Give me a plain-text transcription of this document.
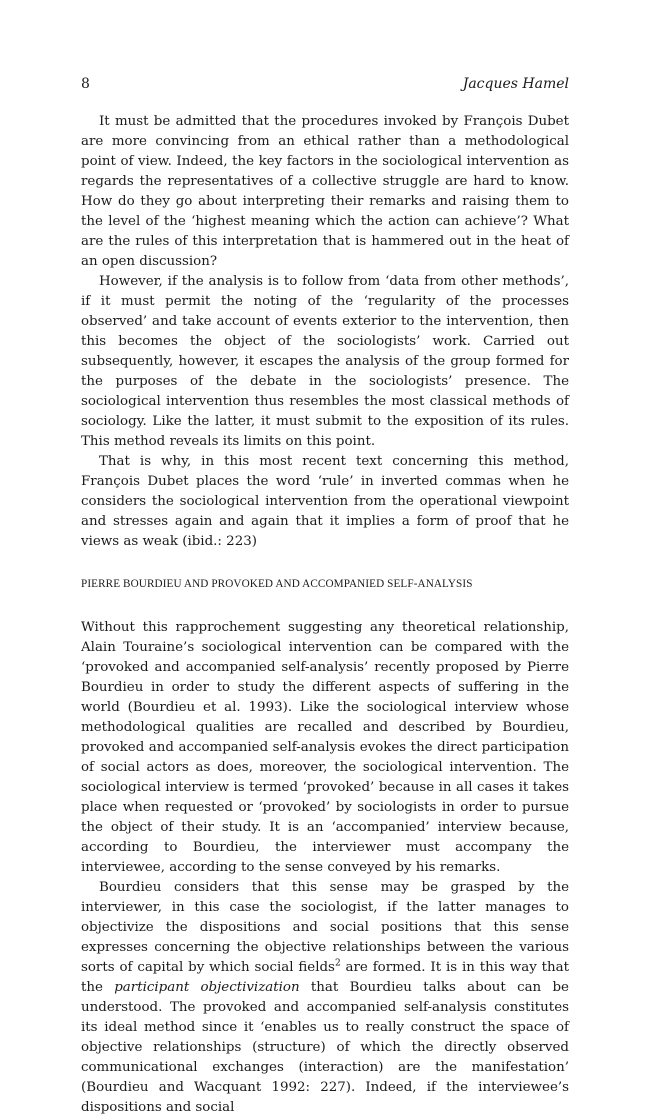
8	Jacques Hamel

It must be admitted that the procedures invoked by François Dubet are more convincing from an ethical rather than a methodological point of view. Indeed, the key factors in the sociological intervention as regards the representatives of a collective struggle are hard to know. How do they go about interpreting their remarks and raising them to the level of the ‘highest meaning which the action can achieve’? What are the rules of this interpretation that is hammered out in the heat of an open discussion?

However, if the analysis is to follow from ‘data from other methods’, if it must permit the noting of the ‘regularity of the processes observed’ and take account of events exterior to the intervention, then this becomes the object of the sociologists’ work. Carried out subsequently, however, it escapes the analysis of the group formed for the purposes of the debate in the sociologists’ presence. The sociological intervention thus resembles the most classical methods of sociology. Like the latter, it must submit to the exposition of its rules. This method reveals its limits on this point.

That is why, in this most recent text concerning this method, François Dubet places the word ‘rule’ in inverted commas when he considers the sociological intervention from the operational viewpoint and stresses again and again that it implies a form of proof that he views as weak (ibid.: 223)

PIERRE BOURDIEU AND PROVOKED AND ACCOMPANIED SELF-ANALYSIS

Without this rapprochement suggesting any theoretical relationship, Alain Touraine’s sociological intervention can be compared with the ‘provoked and accompanied self-analysis’ recently proposed by Pierre Bourdieu in order to study the different aspects of suffering in the world (Bourdieu et al. 1993). Like the sociological interview whose methodological qualities are recalled and described by Bourdieu, provoked and accompanied self-analysis evokes the direct participation of social actors as does, moreover, the sociological intervention. The sociological interview is termed ‘provoked’ because in all cases it takes place when requested or ‘provoked’ by sociologists in order to pursue the object of their study. It is an ‘accompanied’ interview because, according to Bourdieu, the interviewer must accompany the interviewee, according to the sense conveyed by his remarks.

Bourdieu considers that this sense may be grasped by the interviewer, in this case the sociologist, if the latter manages to objectivize the dispositions and social positions that this sense expresses concerning the objective relationships between the various sorts of capital by which social fields$^2$ are formed. It is in this way that the participant objectivization that Bourdieu talks about can be understood. The provoked and accompanied self-analysis constitutes its ideal method since it ‘enables us to really construct the space of objective relationships (structure) of which the directly observed communicational exchanges (interaction) are the manifestation’ (Bourdieu and Wacquant 1992: 227). Indeed, if the interviewee’s dispositions and social
